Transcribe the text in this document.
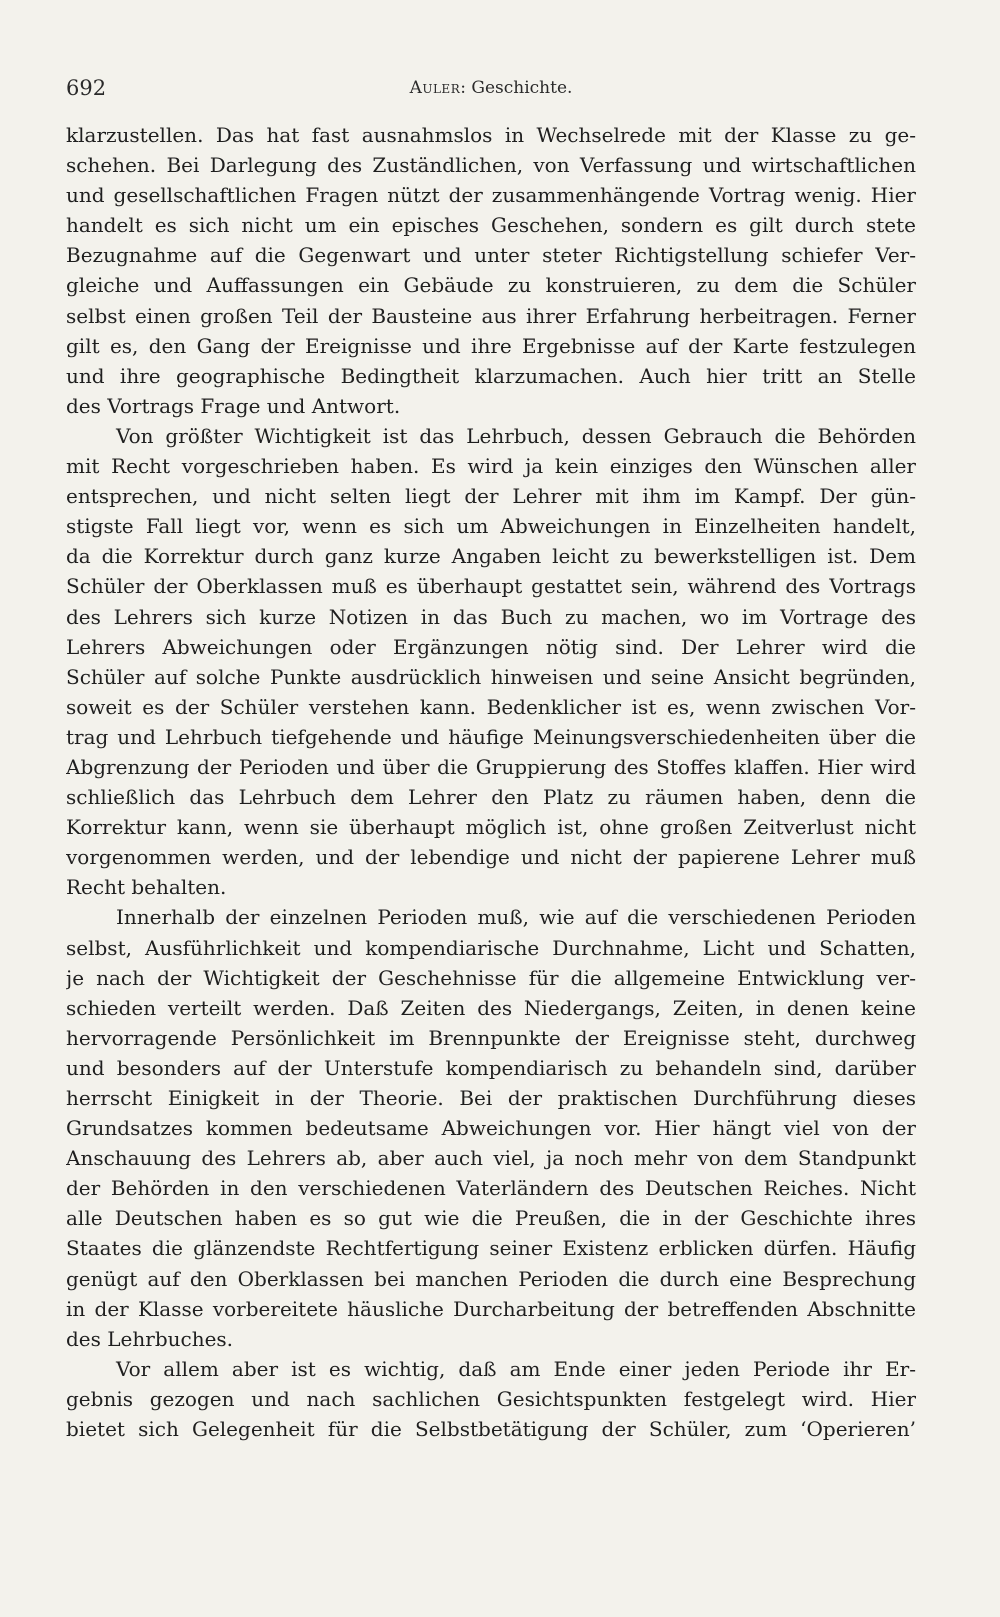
692	Auler: Geschichte.
klarzustellen. Das hat fast ausnahmslos in Wechselrede mit der Klasse zu ge-
schehen. Bei Darlegung des Zuständlichen, von Verfassung und wirtschaftlichen
und gesellschaftlichen Fragen nützt der zusammenhängende Vortrag wenig. Hier
handelt es sich nicht um ein episches Geschehen, sondern es gilt durch stete
Bezugnahme auf die Gegenwart und unter steter Richtigstellung schiefer Ver-
gleiche und Auffassungen ein Gebäude zu konstruieren, zu dem die Schüler
selbst einen großen Teil der Bausteine aus ihrer Erfahrung herbeitragen. Ferner
gilt es, den Gang der Ereignisse und ihre Ergebnisse auf der Karte festzulegen
und ihre geographische Bedingtheit klarzumachen. Auch hier tritt an Stelle
des Vortrags Frage und Antwort.
Von größter Wichtigkeit ist das Lehrbuch, dessen Gebrauch die Behörden
mit Recht vorgeschrieben haben. Es wird ja kein einziges den Wünschen aller
entsprechen, und nicht selten liegt der Lehrer mit ihm im Kampf. Der gün-
stigste Fall liegt vor, wenn es sich um Abweichungen in Einzelheiten handelt,
da die Korrektur durch ganz kurze Angaben leicht zu bewerkstelligen ist. Dem
Schüler der Oberklassen muß es überhaupt gestattet sein, während des Vortrags
des Lehrers sich kurze Notizen in das Buch zu machen, wo im Vortrage des
Lehrers Abweichungen oder Ergänzungen nötig sind. Der Lehrer wird die
Schüler auf solche Punkte ausdrücklich hinweisen und seine Ansicht begründen,
soweit es der Schüler verstehen kann. Bedenklicher ist es, wenn zwischen Vor-
trag und Lehrbuch tiefgehende und häufige Meinungsverschiedenheiten über die
Abgrenzung der Perioden und über die Gruppierung des Stoffes klaffen. Hier wird
schließlich das Lehrbuch dem Lehrer den Platz zu räumen haben, denn die
Korrektur kann, wenn sie überhaupt möglich ist, ohne großen Zeitverlust nicht
vorgenommen werden, und der lebendige und nicht der papierene Lehrer muß
Recht behalten.
Innerhalb der einzelnen Perioden muß, wie auf die verschiedenen Perioden
selbst, Ausführlichkeit und kompendiarische Durchnahme, Licht und Schatten,
je nach der Wichtigkeit der Geschehnisse für die allgemeine Entwicklung ver-
schieden verteilt werden. Daß Zeiten des Niedergangs, Zeiten, in denen keine
hervorragende Persönlichkeit im Brennpunkte der Ereignisse steht, durchweg
und besonders auf der Unterstufe kompendiarisch zu behandeln sind, darüber
herrscht Einigkeit in der Theorie. Bei der praktischen Durchführung dieses
Grundsatzes kommen bedeutsame Abweichungen vor. Hier hängt viel von der
Anschauung des Lehrers ab, aber auch viel, ja noch mehr von dem Standpunkt
der Behörden in den verschiedenen Vaterländern des Deutschen Reiches. Nicht
alle Deutschen haben es so gut wie die Preußen, die in der Geschichte ihres
Staates die glänzendste Rechtfertigung seiner Existenz erblicken dürfen. Häufig
genügt auf den Oberklassen bei manchen Perioden die durch eine Besprechung
in der Klasse vorbereitete häusliche Durcharbeitung der betreffenden Abschnitte
des Lehrbuches.
Vor allem aber ist es wichtig, daß am Ende einer jeden Periode ihr Er-
gebnis gezogen und nach sachlichen Gesichtspunkten festgelegt wird. Hier
bietet sich Gelegenheit für die Selbstbetätigung der Schüler, zum ‘Operieren’
